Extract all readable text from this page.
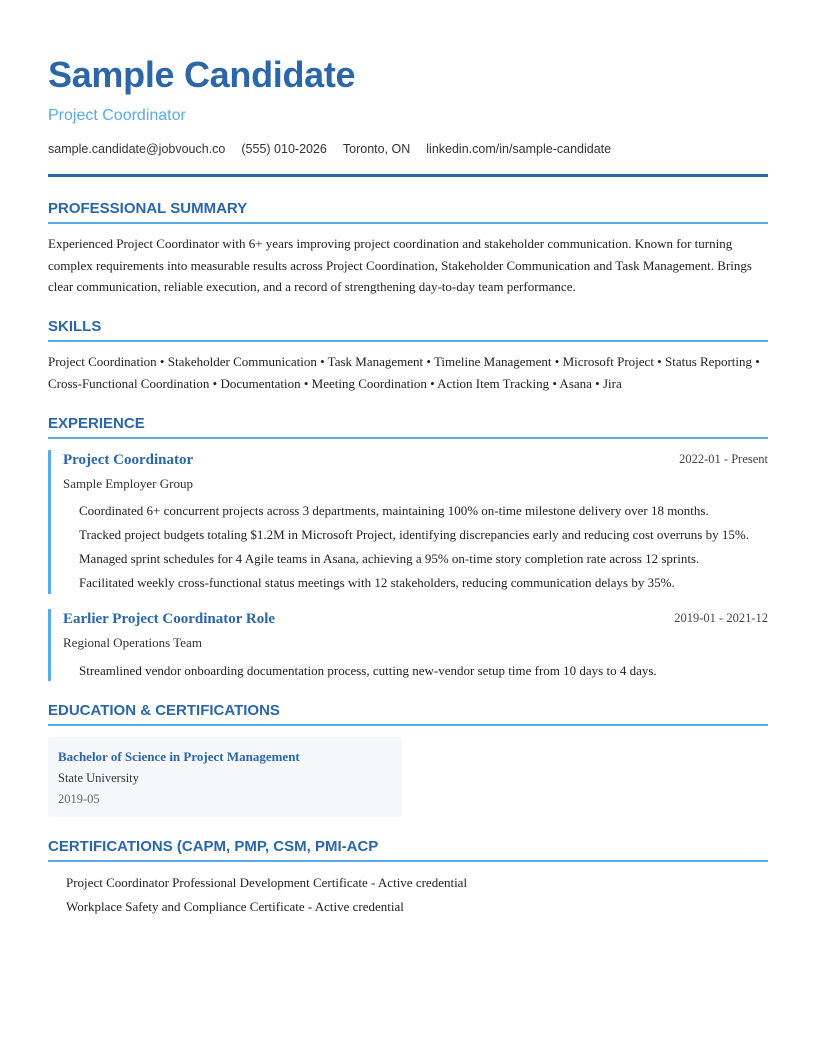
Sample Candidate
Project Coordinator
sample.candidate@jobvouch.co (555) 010-2026 Toronto, ON linkedin.com/in/sample-candidate
PROFESSIONAL SUMMARY
Experienced Project Coordinator with 6+ years improving project coordination and stakeholder communication. Known for turning complex requirements into measurable results across Project Coordination, Stakeholder Communication and Task Management. Brings clear communication, reliable execution, and a record of strengthening day-to-day team performance.
SKILLS
Project Coordination • Stakeholder Communication • Task Management • Timeline Management • Microsoft Project • Status Reporting • Cross-Functional Coordination • Documentation • Meeting Coordination • Action Item Tracking • Asana • Jira
EXPERIENCE
Project Coordinator	2022-01 - Present
Sample Employer Group
Coordinated 6+ concurrent projects across 3 departments, maintaining 100% on-time milestone delivery over 18 months.
Tracked project budgets totaling $1.2M in Microsoft Project, identifying discrepancies early and reducing cost overruns by 15%.
Managed sprint schedules for 4 Agile teams in Asana, achieving a 95% on-time story completion rate across 12 sprints.
Facilitated weekly cross-functional status meetings with 12 stakeholders, reducing communication delays by 35%.
Earlier Project Coordinator Role	2019-01 - 2021-12
Regional Operations Team
Streamlined vendor onboarding documentation process, cutting new-vendor setup time from 10 days to 4 days.
EDUCATION & CERTIFICATIONS
Bachelor of Science in Project Management
State University
2019-05
CERTIFICATIONS (CAPM, PMP, CSM, PMI-ACP
Project Coordinator Professional Development Certificate - Active credential
Workplace Safety and Compliance Certificate - Active credential
